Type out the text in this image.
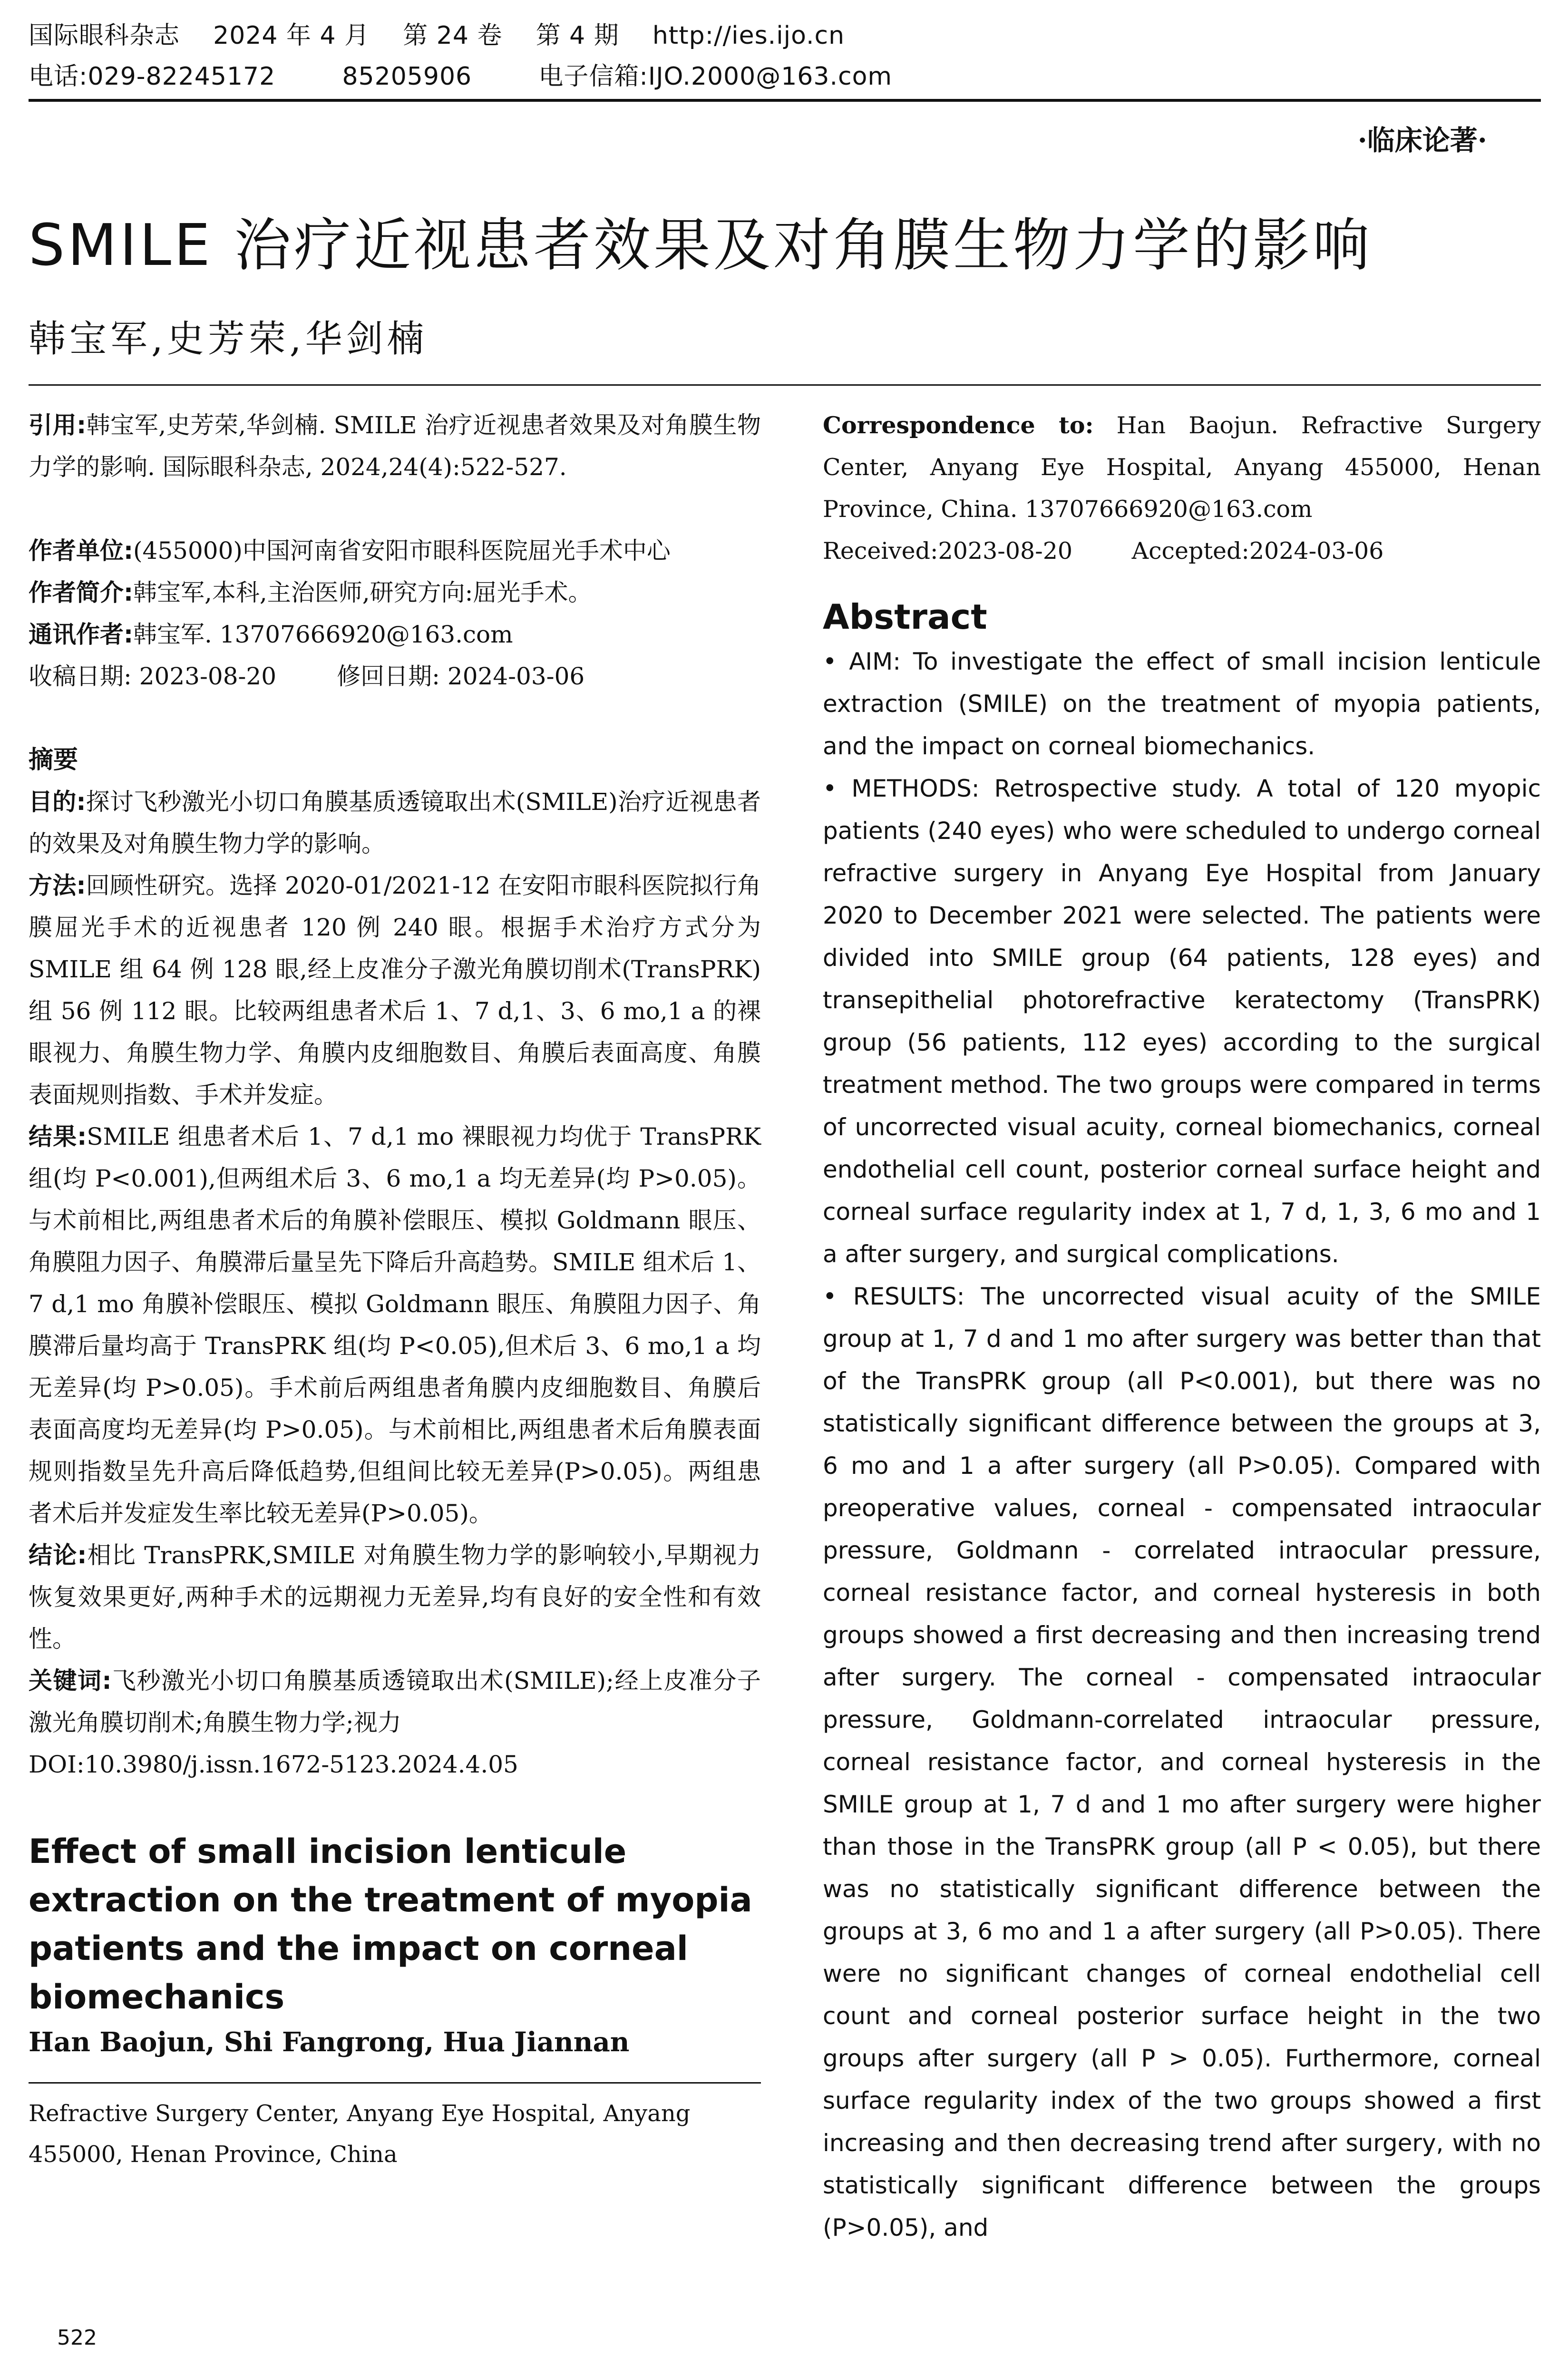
国际眼科杂志    2024 年 4 月    第 24 卷    第 4 期    http://ies.ijo.cn
电话:029-82245172        85205906        电子信箱:IJO.2000@163.com
·临床论著·
SMILE 治疗近视患者效果及对角膜生物力学的影响
韩宝军,史芳荣,华剑楠

引用:韩宝军,史芳荣,华剑楠. SMILE 治疗近视患者效果及对角膜生物力学的影响. 国际眼科杂志, 2024,24(4):522-527.

作者单位:(455000)中国河南省安阳市眼科医院屈光手术中心

作者简介:韩宝军,本科,主治医师,研究方向:屈光手术。

通讯作者:韩宝军. 13707666920@163.com

收稿日期: 2023-08-20        修回日期: 2024-03-06

摘要

目的:探讨飞秒激光小切口角膜基质透镜取出术(SMILE)治疗近视患者的效果及对角膜生物力学的影响。

方法:回顾性研究。选择 2020-01/2021-12 在安阳市眼科医院拟行角膜屈光手术的近视患者 120 例 240 眼。根据手术治疗方式分为 SMILE 组 64 例 128 眼,经上皮准分子激光角膜切削术(TransPRK)组 56 例 112 眼。比较两组患者术后 1、7 d,1、3、6 mo,1 a 的裸眼视力、角膜生物力学、角膜内皮细胞数目、角膜后表面高度、角膜表面规则指数、手术并发症。

结果:SMILE 组患者术后 1、7 d,1 mo 裸眼视力均优于 TransPRK 组(均 P<0.001),但两组术后 3、6 mo,1 a 均无差异(均 P>0.05)。与术前相比,两组患者术后的角膜补偿眼压、模拟 Goldmann 眼压、角膜阻力因子、角膜滞后量呈先下降后升高趋势。SMILE 组术后 1、7 d,1 mo 角膜补偿眼压、模拟 Goldmann 眼压、角膜阻力因子、角膜滞后量均高于 TransPRK 组(均 P<0.05),但术后 3、6 mo,1 a 均无差异(均 P>0.05)。手术前后两组患者角膜内皮细胞数目、角膜后表面高度均无差异(均 P>0.05)。与术前相比,两组患者术后角膜表面规则指数呈先升高后降低趋势,但组间比较无差异(P>0.05)。两组患者术后并发症发生率比较无差异(P>0.05)。

结论:相比 TransPRK,SMILE 对角膜生物力学的影响较小,早期视力恢复效果更好,两种手术的远期视力无差异,均有良好的安全性和有效性。

关键词:飞秒激光小切口角膜基质透镜取出术(SMILE);经上皮准分子激光角膜切削术;角膜生物力学;视力

DOI:10.3980/j.issn.1672-5123.2024.4.05

Effect of small incision lenticule extraction on the treatment of myopia patients and the impact on corneal biomechanics

Han Baojun, Shi Fangrong, Hua Jiannan

Refractive Surgery Center, Anyang Eye Hospital, Anyang 455000, Henan Province, China

Correspondence to: Han Baojun. Refractive Surgery Center, Anyang Eye Hospital, Anyang 455000, Henan Province, China. 13707666920@163.com

Received:2023-08-20        Accepted:2024-03-06

Abstract

• AIM: To investigate the effect of small incision lenticule extraction (SMILE) on the treatment of myopia patients, and the impact on corneal biomechanics.

• METHODS: Retrospective study. A total of 120 myopic patients (240 eyes) who were scheduled to undergo corneal refractive surgery in Anyang Eye Hospital from January 2020 to December 2021 were selected. The patients were divided into SMILE group (64 patients, 128 eyes) and transepithelial photorefractive keratectomy (TransPRK) group (56 patients, 112 eyes) according to the surgical treatment method. The two groups were compared in terms of uncorrected visual acuity, corneal biomechanics, corneal endothelial cell count, posterior corneal surface height and corneal surface regularity index at 1, 7 d, 1, 3, 6 mo and 1 a after surgery, and surgical complications.

• RESULTS: The uncorrected visual acuity of the SMILE group at 1, 7 d and 1 mo after surgery was better than that of the TransPRK group (all P<0.001), but there was no statistically significant difference between the groups at 3, 6 mo and 1 a after surgery (all P>0.05). Compared with preoperative values, corneal - compensated intraocular pressure, Goldmann - correlated intraocular pressure, corneal resistance factor, and corneal hysteresis in both groups showed a first decreasing and then increasing trend after surgery. The corneal - compensated intraocular pressure, Goldmann-correlated intraocular pressure, corneal resistance factor, and corneal hysteresis in the SMILE group at 1, 7 d and 1 mo after surgery were higher than those in the TransPRK group (all P < 0.05), but there was no statistically significant difference between the groups at 3, 6 mo and 1 a after surgery (all P>0.05). There were no significant changes of corneal endothelial cell count and corneal posterior surface height in the two groups after surgery (all P > 0.05). Furthermore, corneal surface regularity index of the two groups showed a first increasing and then decreasing trend after surgery, with no statistically significant difference between the groups (P>0.05), and

522
